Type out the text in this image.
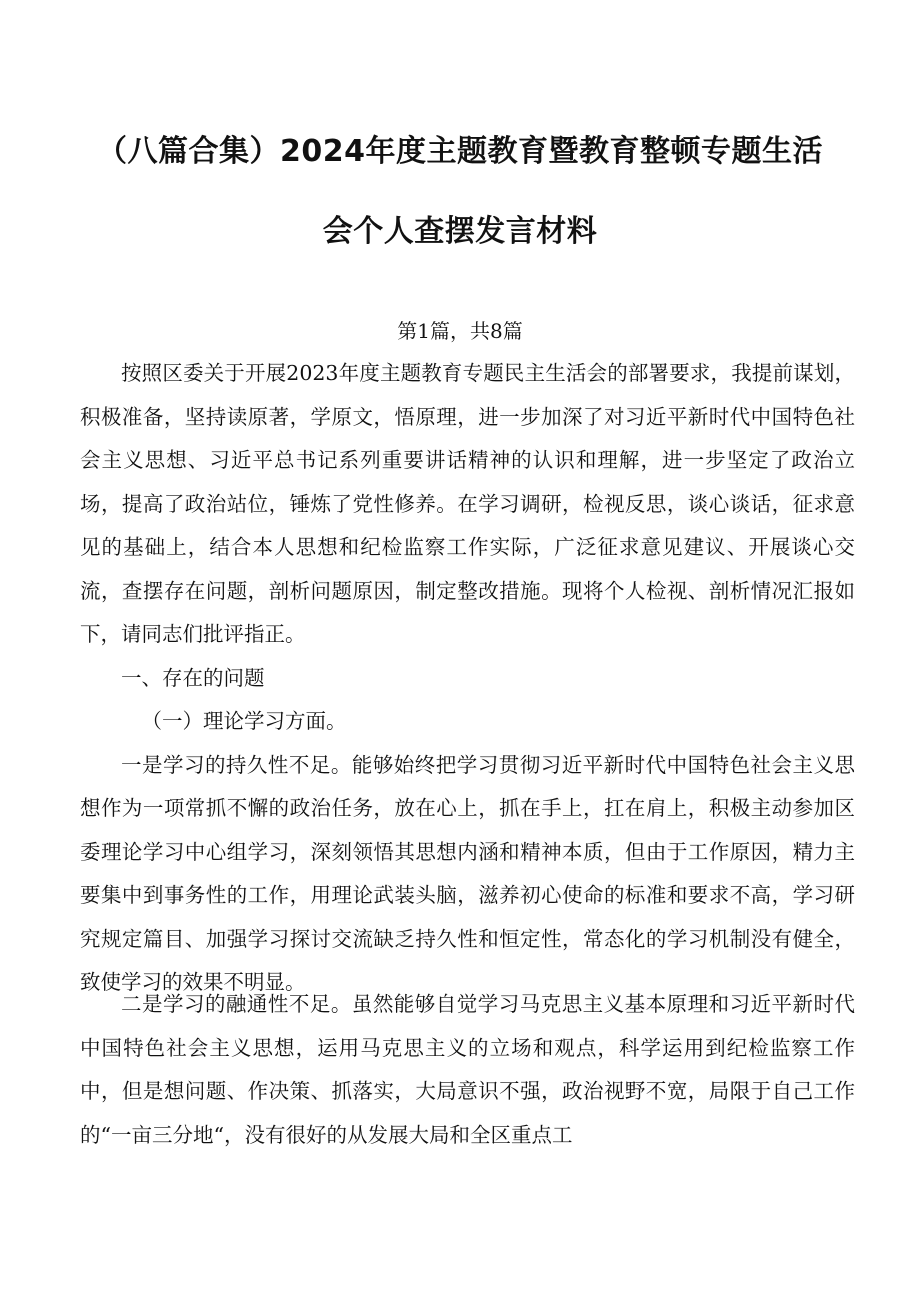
（八篇合集）2024年度主题教育暨教育整顿专题生活
会个人查摆发言材料
第1篇，共8篇

按照区委关于开展2023年度主题教育专题民主生活会的部署要求，我提前谋划，积极准备，坚持读原著，学原文，悟原理，进一步加深了对习近平新时代中国特色社会主义思想、习近平总书记系列重要讲话精神的认识和理解，进一步坚定了政治立场，提高了政治站位，锤炼了党性修养。在学习调研，检视反思，谈心谈话，征求意见的基础上，结合本人思想和纪检监察工作实际，广泛征求意见建议、开展谈心交流，查摆存在问题，剖析问题原因，制定整改措施。现将个人检视、剖析情况汇报如下，请同志们批评指正。

一、存在的问题

（一）理论学习方面。

一是学习的持久性不足。能够始终把学习贯彻习近平新时代中国特色社会主义思想作为一项常抓不懈的政治任务，放在心上，抓在手上，扛在肩上，积极主动参加区委理论学习中心组学习，深刻领悟其思想内涵和精神本质，但由于工作原因，精力主要集中到事务性的工作，用理论武装头脑，滋养初心使命的标准和要求不高，学习研究规定篇目、加强学习探讨交流缺乏持久性和恒定性，常态化的学习机制没有健全，致使学习的效果不明显。

二是学习的融通性不足。虽然能够自觉学习马克思主义基本原理和习近平新时代中国特色社会主义思想，运用马克思主义的立场和观点，科学运用到纪检监察工作中，但是想问题、作决策、抓落实，大局意识不强，政治视野不宽，局限于自己工作的“一亩三分地“，没有很好的从发展大局和全区重点工
